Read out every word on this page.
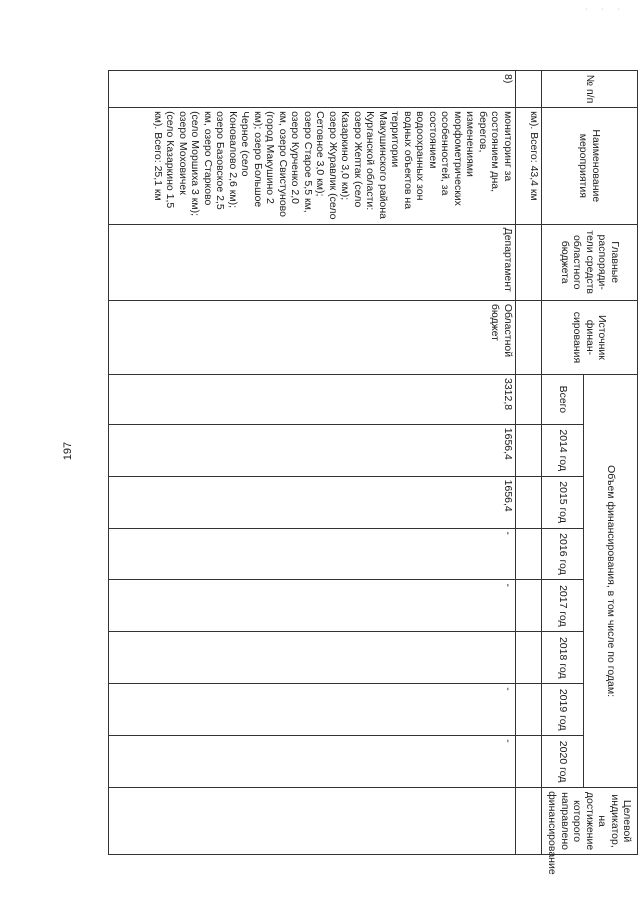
197
· · ·
№ п/п	Наименование мероприятия	Главные распоряди-тели средств областного бюджета	Источник финан-сирования	Объем финансирования, в том числе по годам:								Целевой индикатор, на достижение которого направлено финансирование
				Всего	2014 год	2015 год	2016 год	2017 год	2018 год	2019 год	2020 год	
	км). Всего: 43,4 км											
8)	мониторинг за состоянием дна, берегов, изменениями морфометрических особенностей, за состоянием водоохранных зон водных объектов на территории Макушинского района Курганской области: озеро Жептак (село Казаркино 3,0 км); озеро Журавлик (село Сетовное 3,0 км); озеро Старое 5,5 км, озеро Курченко 2,0 км, озеро Свистуново (город Макушино 2 км); озеро Большое Черное (село Коновалово 2,6 км); озеро Базовское 2,5 км, озеро Старково (село Моршиха 3 км); озеро Моховичек (село Казаркино 1,5 км). Всего: 25,1 км	Департамент	Областной бюджет	3312,8	1656,4	1656,4	-	-		-	-	
